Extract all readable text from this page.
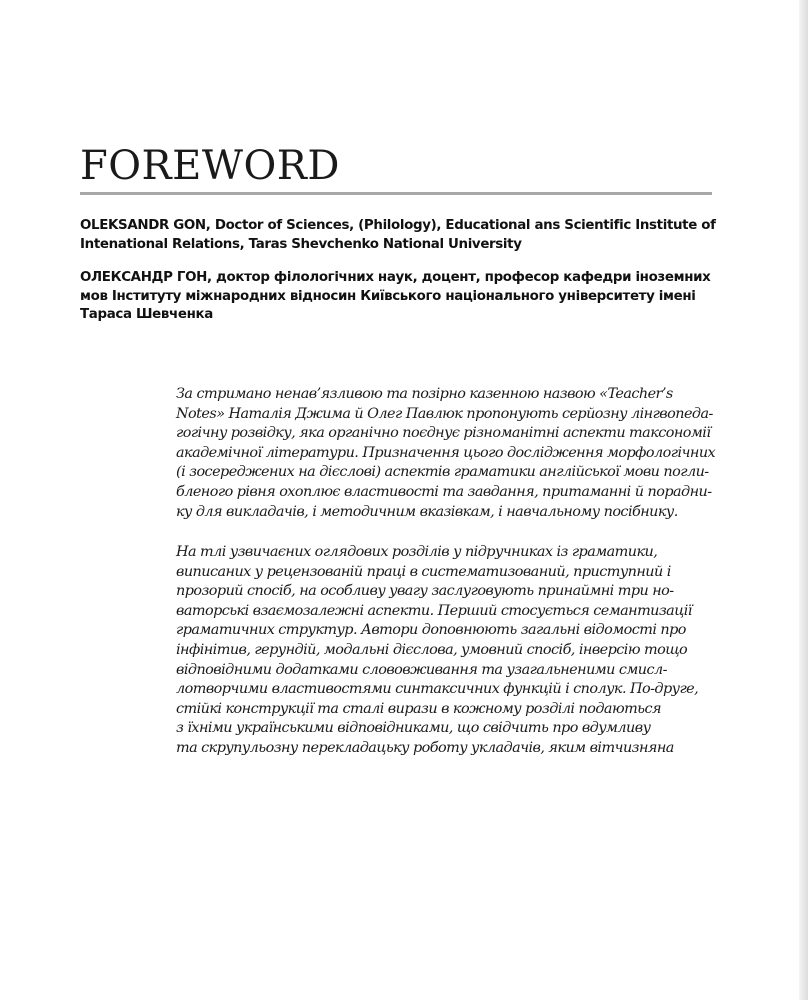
FOREWORD

OLEKSANDR GON, Doctor of Sciences, (Philology), Educational ans Scientific Institute of Intenational Relations, Taras Shevchenko National University

ОЛЕКСАНДР ГОН, доктор філологічних наук, доцент, професор кафедри іноземних мов Інституту міжнародних відносин Київського національного університету імені Тараса Шевченка

За стримано ненав’язливою та позірно казенною назвою «Teacher’s
Notes» Наталія Джима й Олег Павлюк пропонують серйозну лінгвопеда-
гогічну розвідку, яка органічно поєднує різноманітні аспекти таксономії
академічної літератури. Призначення цього дослідження морфологічних
(і зосереджених на дієслові) аспектів граматики англійської мови погли-
бленого рівня охоплює властивості та завдання, притаманні й порадни-
ку для викладачів, і методичним вказівкам, і навчальному посібнику.

На тлі узвичаєних оглядових розділів у підручниках із граматики,
виписаних у рецензованій праці в систематизований, приступний і
прозорий спосіб, на особливу увагу заслуговують принаймні три но-
ваторські взаємозалежні аспекти. Перший стосується семантизації
граматичних структур. Автори доповнюють загальні відомості про
інфінітив, герундій, модальні дієслова, умовний спосіб, інверсію тощо
відповідними додатками слововживання та узагальненими смисл-
лотворчими властивостями синтаксичних функцій і сполук. По-друге,
стійкі конструкції та сталі вирази в кожному розділі подаються
з їхніми українськими відповідниками, що свідчить про вдумливу
та скрупульозну перекладацьку роботу укладачів, яким вітчизняна
